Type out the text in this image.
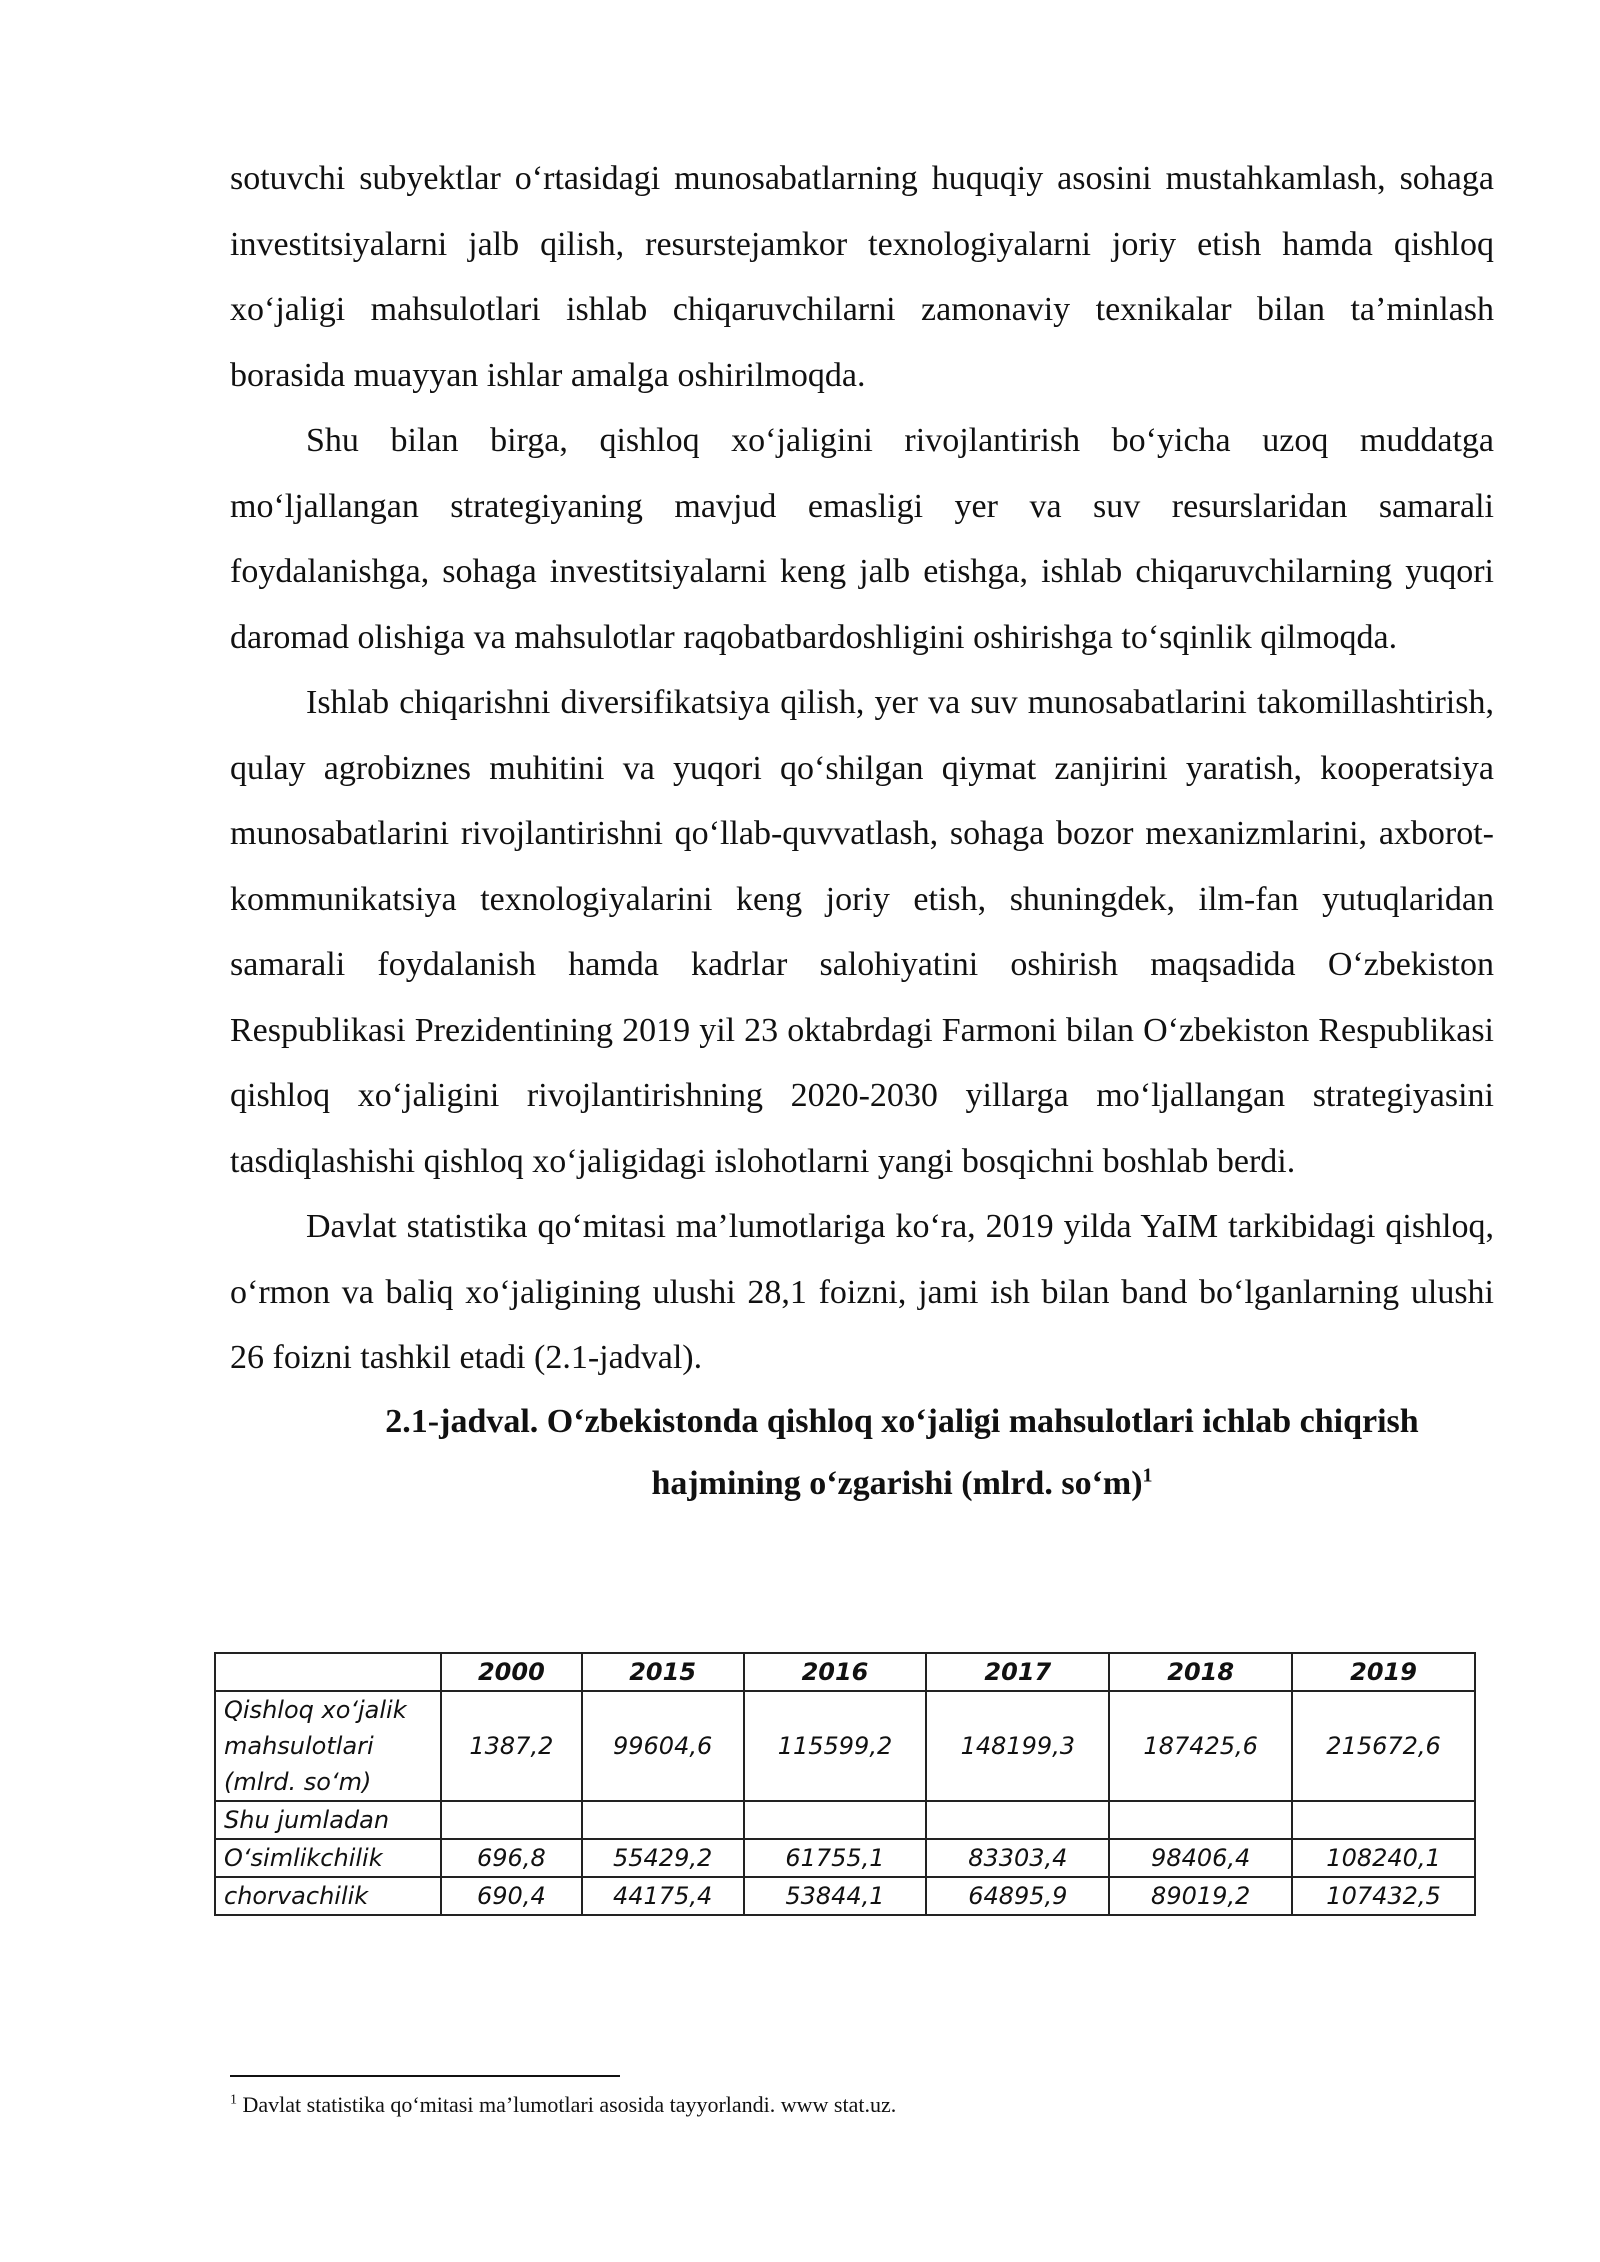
sotuvchi subyektlar o‘rtasidagi munosabatlarning huquqiy asosini mustahkamlash, sohaga investitsiyalarni jalb qilish, resurstejamkor texnologiyalarni joriy etish hamda qishloq xo‘jaligi mahsulotlari ishlab chiqaruvchilarni zamonaviy texnikalar bilan ta’minlash borasida muayyan ishlar amalga oshirilmoqda.

Shu bilan birga, qishloq xo‘jaligini rivojlantirish bo‘yicha uzoq muddatga mo‘ljallangan strategiyaning mavjud emasligi yer va suv resurslaridan samarali foydalanishga, sohaga investitsiyalarni keng jalb etishga, ishlab chiqaruvchilarning yuqori daromad olishiga va mahsulotlar raqobatbardoshligini oshirishga to‘sqinlik qilmoqda.

Ishlab chiqarishni diversifikatsiya qilish, yer va suv munosabatlarini takomillashtirish, qulay agrobiznes muhitini va yuqori qo‘shilgan qiymat zanjirini yaratish, kooperatsiya munosabatlarini rivojlantirishni qo‘llab-quvvatlash, sohaga bozor mexanizmlarini, axborot-kommunikatsiya texnologiyalarini keng joriy etish, shuningdek, ilm-fan yutuqlaridan samarali foydalanish hamda kadrlar salohiyatini oshirish maqsadida O‘zbekiston Respublikasi Prezidentining 2019 yil 23 oktabrdagi Farmoni bilan O‘zbekiston Respublikasi qishloq xo‘jaligini rivojlantirishning 2020-2030 yillarga mo‘ljallangan strategiyasini tasdiqlashishi qishloq xo‘jaligidagi islohotlarni yangi bosqichni boshlab berdi.

Davlat statistika qo‘mitasi ma’lumotlariga ko‘ra, 2019 yilda YaIM tarkibidagi qishloq, o‘rmon va baliq xo‘jaligining ulushi 28,1 foizni, jami ish bilan band bo‘lganlarning ulushi 26 foizni tashkil etadi (2.1-jadval).

2.1-jadval. O‘zbekistonda qishloq xo‘jaligi mahsulotlari ichlab chiqrish
hajmining o‘zgarishi (mlrd. so‘m)$^1$

	2000	2015	2016	2017	2018	2019
Qishloq xo‘jalik mahsulotlari (mlrd. so‘m)	1387,2	99604,6	115599,2	148199,3	187425,6	215672,6
Shu jumladan						
O‘simlikchilik	696,8	55429,2	61755,1	83303,4	98406,4	108240,1
chorvachilik	690,4	44175,4	53844,1	64895,9	89019,2	107432,5
$^1$ Davlat statistika qo‘mitasi ma’lumotlari asosida tayyorlandi. www stat.uz.
